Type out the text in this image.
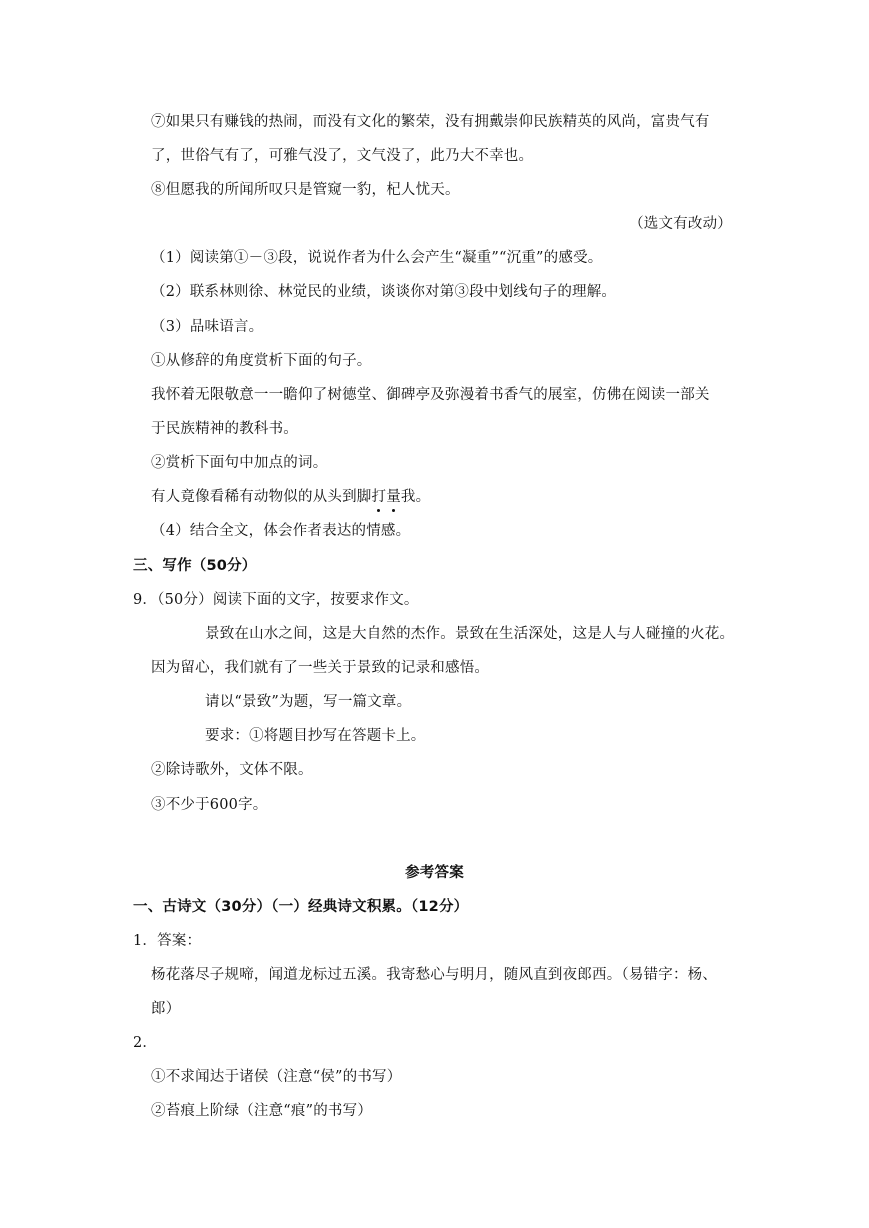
⑦如果只有赚钱的热闹，而没有文化的繁荣，没有拥戴崇仰民族精英的风尚，富贵气有
了，世俗气有了，可雅气没了，文气没了，此乃大不幸也。
⑧但愿我的所闻所叹只是管窥一豹，杞人忧天。
（选文有改动）
（1）阅读第①－③段，说说作者为什么会产生“凝重”“沉重”的感受。
（2）联系林则徐、林觉民的业绩，谈谈你对第③段中划线句子的理解。
（3）品味语言。
①从修辞的角度赏析下面的句子。
我怀着无限敬意一一瞻仰了树德堂、御碑亭及弥漫着书香气的展室，仿佛在阅读一部关
于民族精神的教科书。
②赏析下面句中加点的词。
有人竟像看稀有动物似的从头到脚打量我。
（4）结合全文，体会作者表达的情感。
三、写作（50分）
9．（50分）阅读下面的文字，按要求作文。
景致在山水之间，这是大自然的杰作。景致在生活深处，这是人与人碰撞的火花。
因为留心，我们就有了一些关于景致的记录和感悟。
请以“景致”为题，写一篇文章。
要求：①将题目抄写在答题卡上。
②除诗歌外，文体不限。
③不少于600字。
参考答案
一、古诗文（30分）（一）经典诗文积累。（12分）
1．答案：
杨花落尽子规啼，闻道龙标过五溪。我寄愁心与明月，随风直到夜郎西。（易错字：杨、
郎）
2．
①不求闻达于诸侯（注意“侯”的书写）
②苔痕上阶绿（注意“痕”的书写）
